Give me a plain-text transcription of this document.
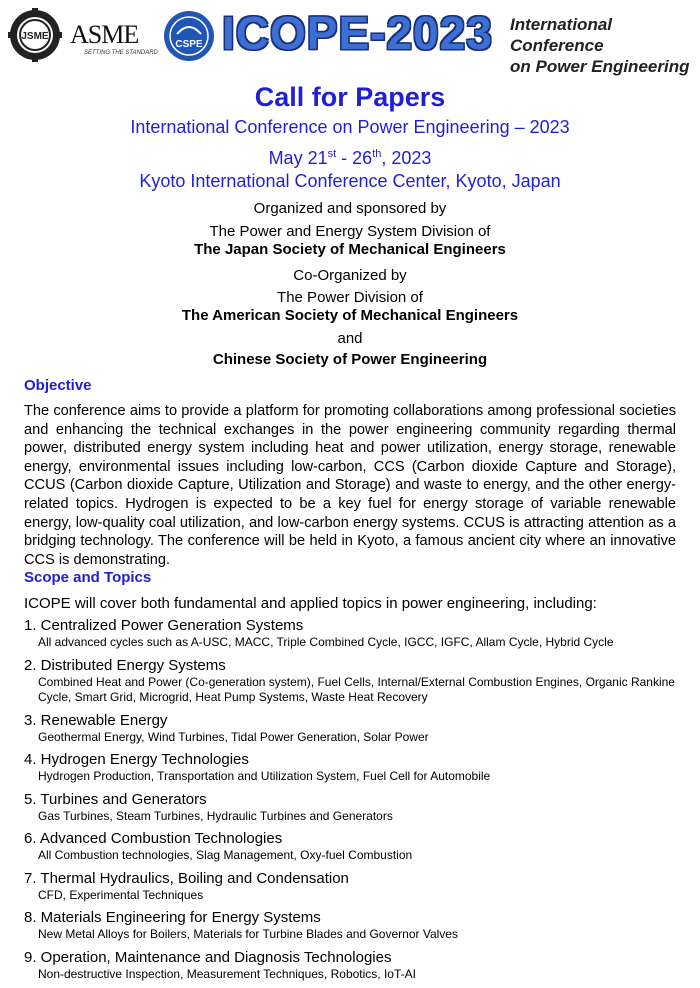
JSME ASME
SETTING THE STANDARD
CSPE ICOPE-2023 International Conference
on Power Engineering
Call for Papers
International Conference on Power Engineering – 2023
May 21st - 26th, 2023
Kyoto International Conference Center, Kyoto, Japan
Organized and sponsored by
The Power and Energy System Division of
The Japan Society of Mechanical Engineers
Co-Organized by
The Power Division of
The American Society of Mechanical Engineers
and
Chinese Society of Power Engineering
Objective
The conference aims to provide a platform for promoting collaborations among professional societies and enhancing the technical exchanges in the power engineering community regarding thermal power, distributed energy system including heat and power utilization, energy storage, renewable energy, environmental issues including low-carbon, CCS (Carbon dioxide Capture and Storage), CCUS (Carbon dioxide Capture, Utilization and Storage) and waste to energy, and the other energy-related topics. Hydrogen is expected to be a key fuel for energy storage of variable renewable energy, low-quality coal utilization, and low-carbon energy systems. CCUS is attracting attention as a bridging technology. The conference will be held in Kyoto, a famous ancient city where an innovative CCS is demonstrating.
Scope and Topics
ICOPE will cover both fundamental and applied topics in power engineering, including:
1. Centralized Power Generation Systems
All advanced cycles such as A-USC, MACC, Triple Combined Cycle, IGCC, IGFC, Allam Cycle, Hybrid Cycle
2. Distributed Energy Systems
Combined Heat and Power (Co-generation system), Fuel Cells, Internal/External Combustion Engines, Organic Rankine Cycle, Smart Grid, Microgrid, Heat Pump Systems, Waste Heat Recovery
3. Renewable Energy
Geothermal Energy, Wind Turbines, Tidal Power Generation, Solar Power
4. Hydrogen Energy Technologies
Hydrogen Production, Transportation and Utilization System, Fuel Cell for Automobile
5. Turbines and Generators
Gas Turbines, Steam Turbines, Hydraulic Turbines and Generators
6. Advanced Combustion Technologies
All Combustion technologies, Slag Management, Oxy-fuel Combustion
7. Thermal Hydraulics, Boiling and Condensation
CFD, Experimental Techniques
8. Materials Engineering for Energy Systems
New Metal Alloys for Boilers, Materials for Turbine Blades and Governor Valves
9. Operation, Maintenance and Diagnosis Technologies
Non-destructive Inspection, Measurement Techniques, Robotics, IoT-AI
